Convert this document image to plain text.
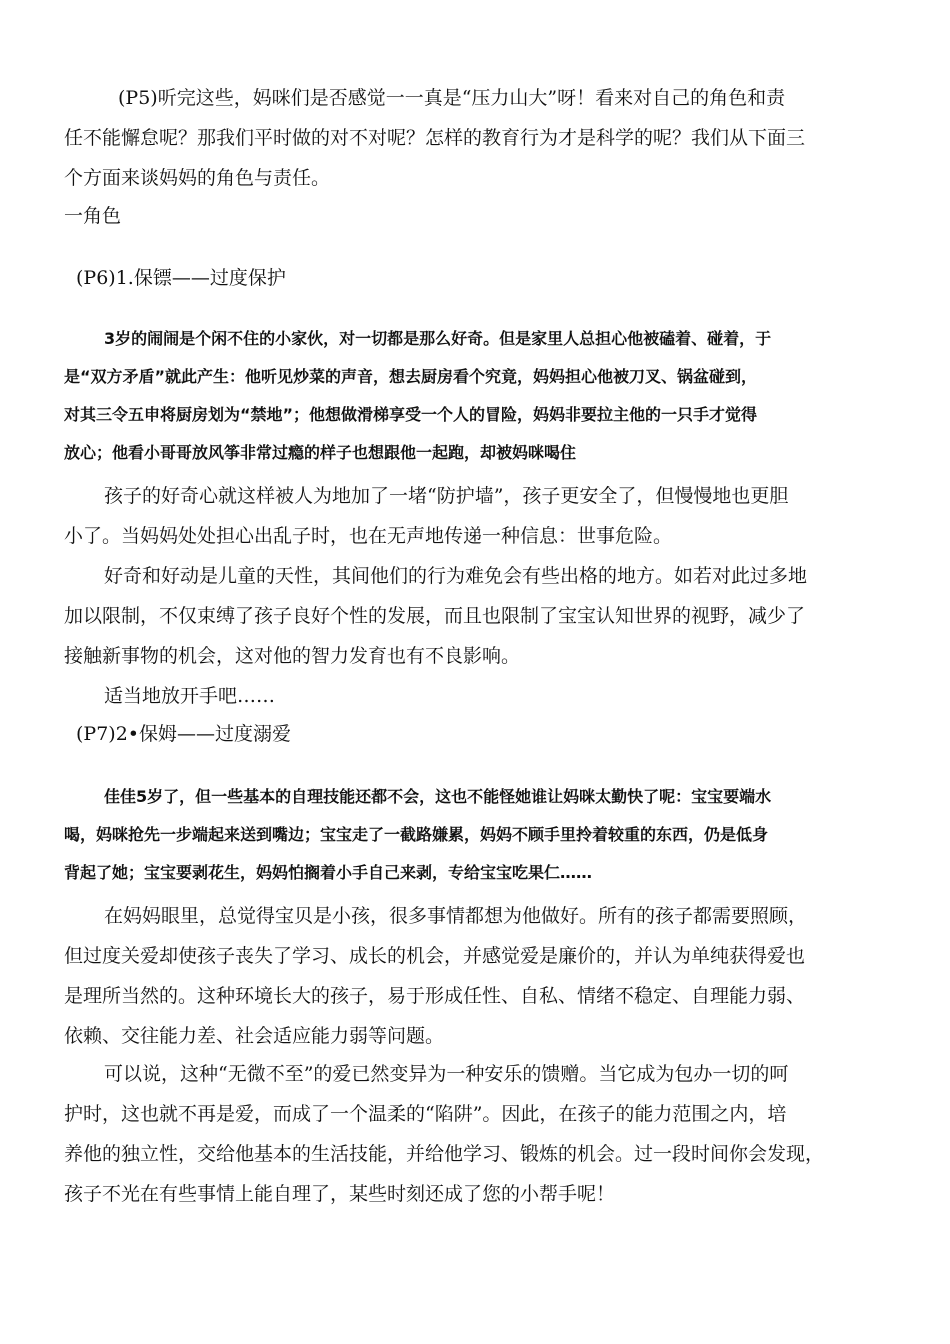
(P5)听完这些，妈咪们是否感觉一一真是“压力山大”呀！看来对自己的角色和责
任不能懈怠呢？那我们平时做的对不对呢？怎样的教育行为才是科学的呢？我们从下面三
个方面来谈妈妈的角色与责任。
一角色
(P6)1.保镖——过度保护
3岁的闹闹是个闲不住的小家伙，对一切都是那么好奇。但是家里人总担心他被磕着、碰着，于
是“双方矛盾”就此产生：他听见炒菜的声音，想去厨房看个究竟，妈妈担心他被刀叉、锅盆碰到，
对其三令五申将厨房划为“禁地”；他想做滑梯享受一个人的冒险，妈妈非要拉主他的一只手才觉得
放心；他看小哥哥放风筝非常过瘾的样子也想跟他一起跑，却被妈咪喝住
孩子的好奇心就这样被人为地加了一堵“防护墙”，孩子更安全了，但慢慢地也更胆
小了。当妈妈处处担心出乱子时，也在无声地传递一种信息：世事危险。
好奇和好动是儿童的天性，其间他们的行为难免会有些出格的地方。如若对此过多地
加以限制，不仅束缚了孩子良好个性的发展，而且也限制了宝宝认知世界的视野，减少了
接触新事物的机会，这对他的智力发育也有不良影响。
适当地放开手吧……
(P7)2•保姆——过度溺爱
佳佳5岁了，但一些基本的自理技能还都不会，这也不能怪她谁让妈咪太勤快了呢：宝宝要端水
喝，妈咪抢先一步端起来送到嘴边；宝宝走了一截路嫌累，妈妈不顾手里拎着较重的东西，仍是低身
背起了她；宝宝要剥花生，妈妈怕搁着小手自己来剥，专给宝宝吃果仁……
在妈妈眼里，总觉得宝贝是小孩，很多事情都想为他做好。所有的孩子都需要照顾，
但过度关爱却使孩子丧失了学习、成长的机会，并感觉爱是廉价的，并认为单纯获得爱也
是理所当然的。这种环境长大的孩子，易于形成任性、自私、情绪不稳定、自理能力弱、
依赖、交往能力差、社会适应能力弱等问题。
可以说，这种“无微不至”的爱已然变异为一种安乐的馈赠。当它成为包办一切的呵
护时，这也就不再是爱，而成了一个温柔的“陷阱”。因此，在孩子的能力范围之内，培
养他的独立性，交给他基本的生活技能，并给他学习、锻炼的机会。过一段时间你会发现，
孩子不光在有些事情上能自理了，某些时刻还成了您的小帮手呢！
